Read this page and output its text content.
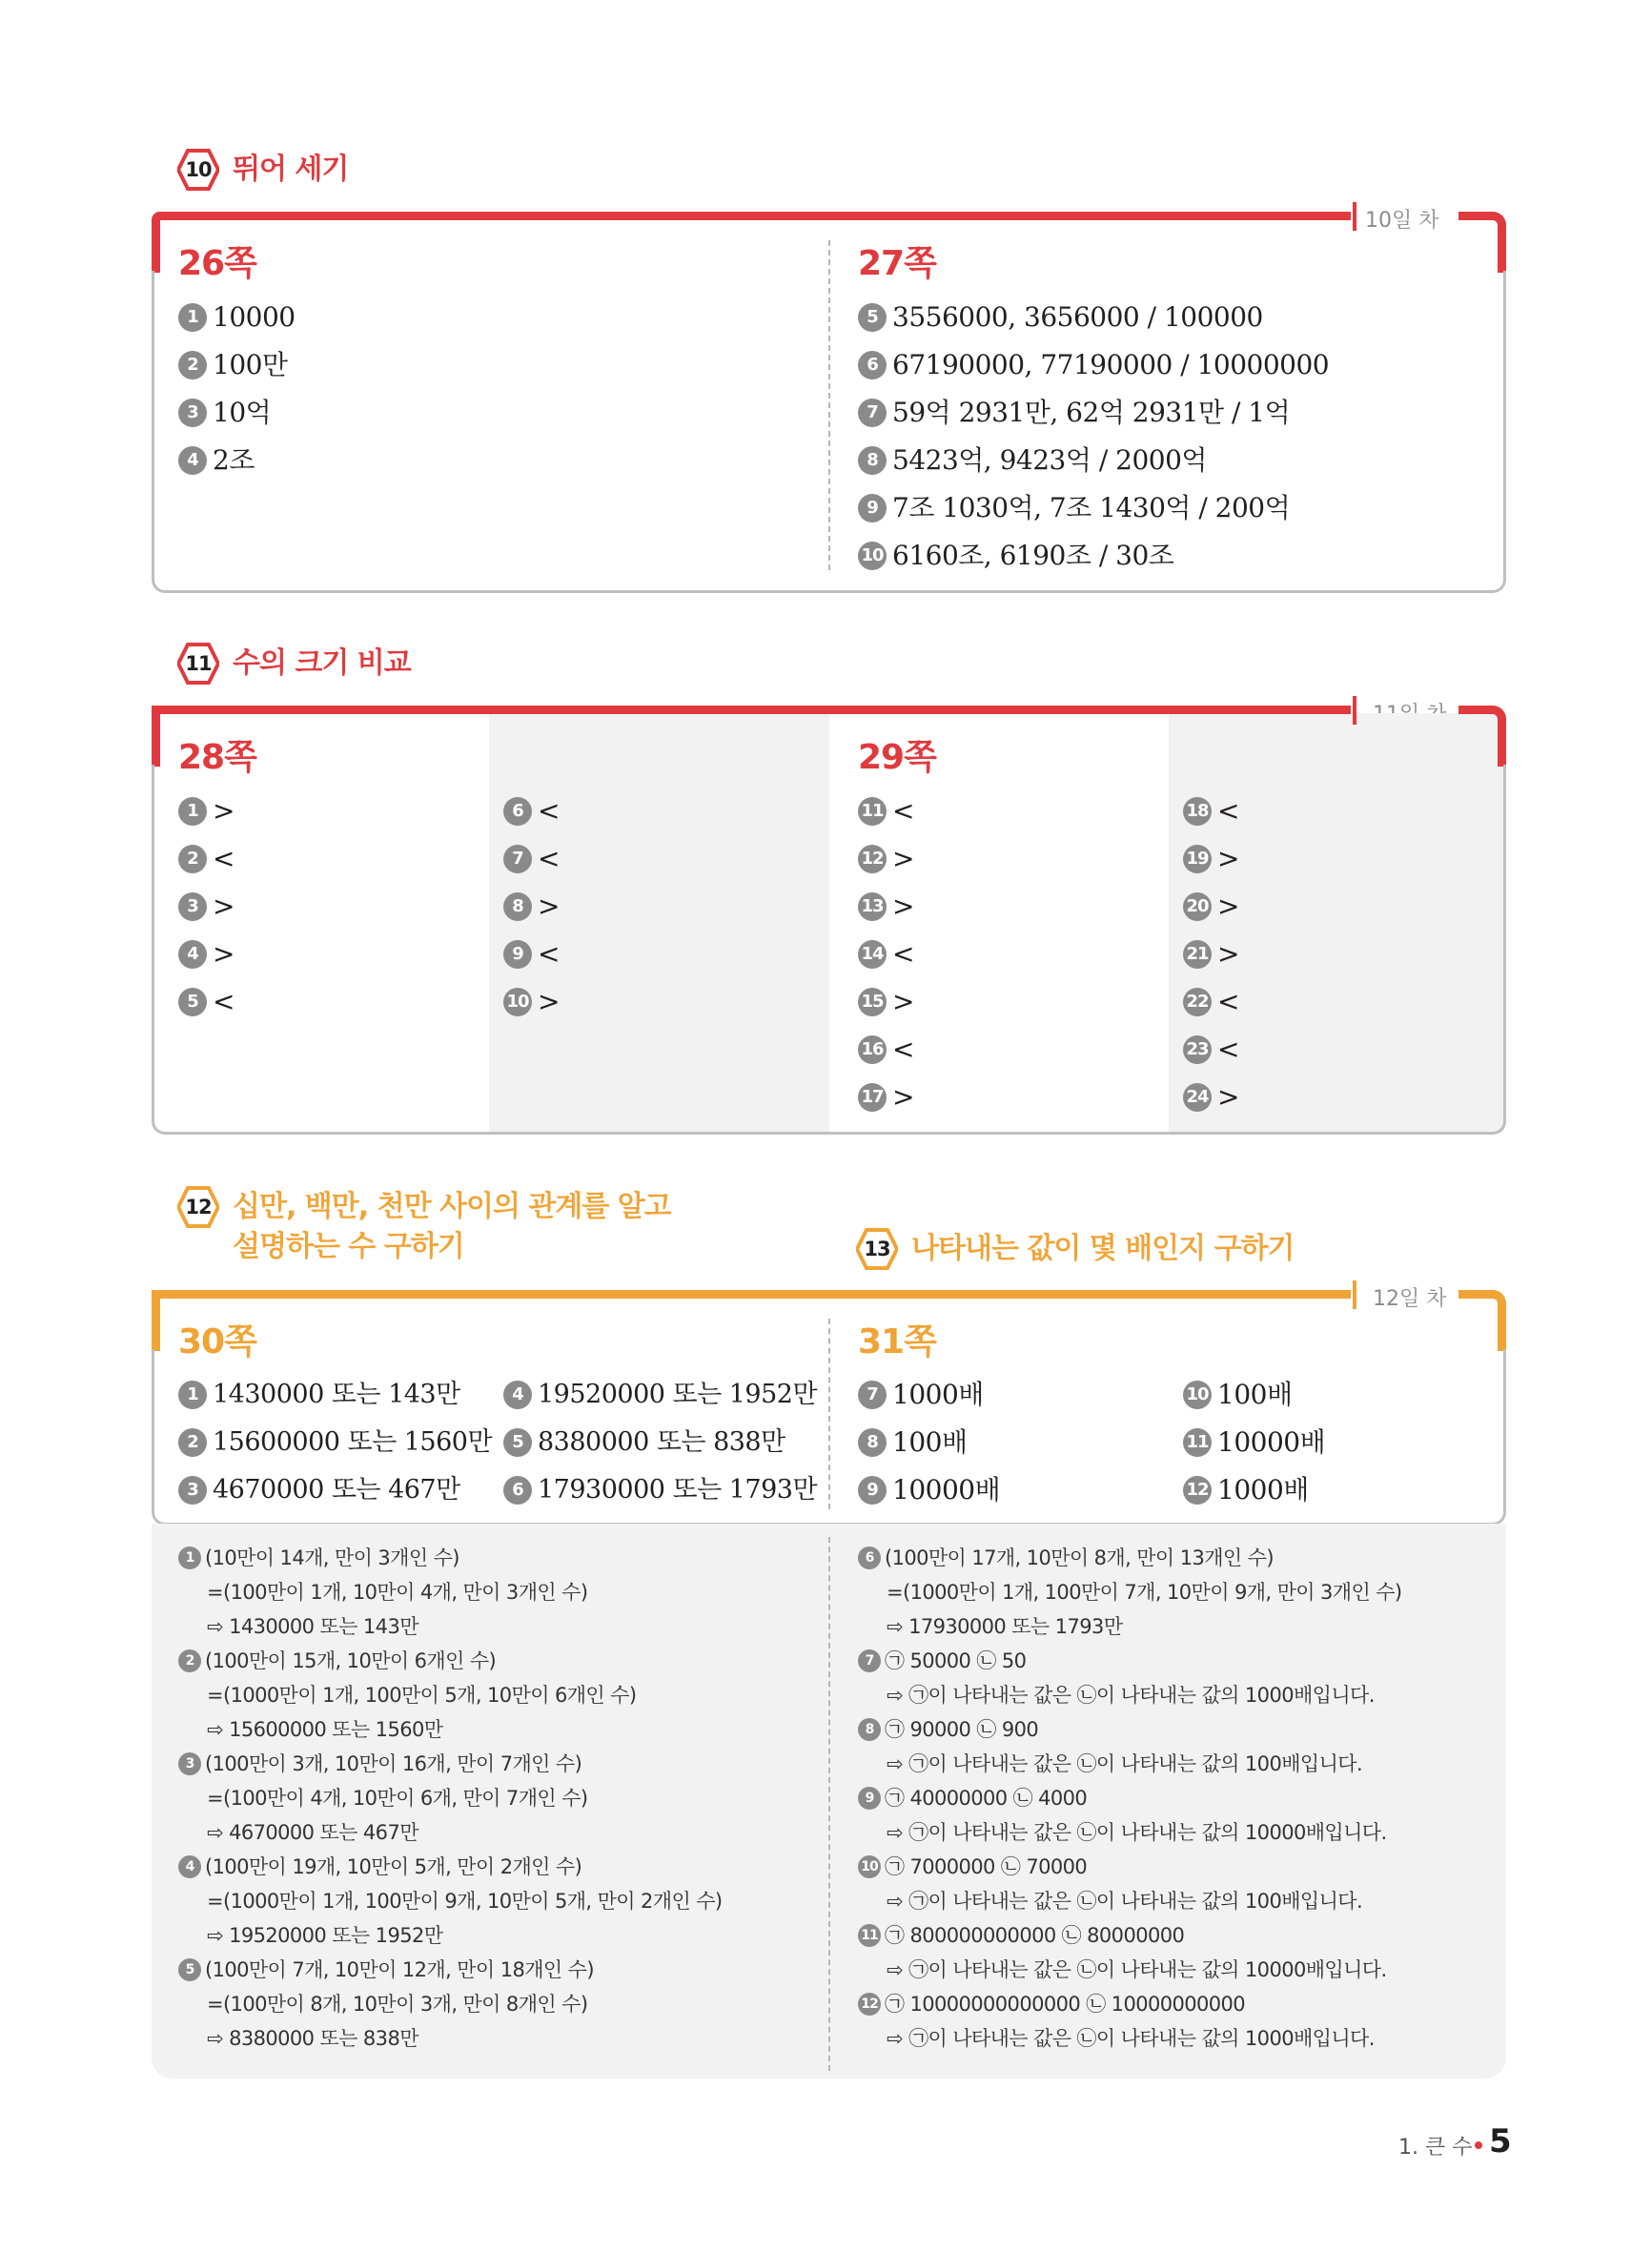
10 뛰어 세기
10일 차
26쪽	27쪽
1 10000
2 100만
3 10억
4 2조
5 3556000, 3656000 / 100000
6 67190000, 77190000 / 10000000
7 59억 2931만, 62억 2931만 / 1억
8 5423억, 9423억 / 2000억
9 7조 1030억, 7조 1430억 / 200억
10 6160조, 6190조 / 30조
11 수의 크기 비교
28쪽	29쪽
1 >
2 <
3 >
4 >
5 <
6 <
7 <
8 >
9 <
10 >
11 <
12 >
13 >
14 <
15 >
16 <
17 >
18 <
19 >
20 >
21 >
22 <
23 <
24 >
12 십만, 백만, 천만 사이의 관계를 알고
설명하는 수 구하기	13 나타내는 값이 몇 배인지 구하기
12일 차
30쪽	31쪽
1 1430000 또는 143만
2 15600000 또는 1560만
3 4670000 또는 467만
4 19520000 또는 1952만
5 8380000 또는 838만
6 17930000 또는 1793만
7 1000배
8 100배
9 10000배
10 100배
11 10000배
12 1000배
1 (10만이 14개, 만이 3개인 수)
=(100만이 1개, 10만이 4개, 만이 3개인 수)
⇨ 1430000 또는 143만
2 (100만이 15개, 10만이 6개인 수)
=(1000만이 1개, 100만이 5개, 10만이 6개인 수)
⇨ 15600000 또는 1560만
3 (100만이 3개, 10만이 16개, 만이 7개인 수)
=(100만이 4개, 10만이 6개, 만이 7개인 수)
⇨ 4670000 또는 467만
4 (100만이 19개, 10만이 5개, 만이 2개인 수)
=(1000만이 1개, 100만이 9개, 10만이 5개, 만이 2개인 수)
⇨ 19520000 또는 1952만
5 (100만이 7개, 10만이 12개, 만이 18개인 수)
=(100만이 8개, 10만이 3개, 만이 8개인 수)
⇨ 8380000 또는 838만
6 (100만이 17개, 10만이 8개, 만이 13개인 수)
=(1000만이 1개, 100만이 7개, 10만이 9개, 만이 3개인 수)
⇨ 17930000 또는 1793만
7 ㉠ 50000 ㉡ 50
⇨ ㉠이 나타내는 값은 ㉡이 나타내는 값의 1000배입니다.
8 ㉠ 90000 ㉡ 900
⇨ ㉠이 나타내는 값은 ㉡이 나타내는 값의 100배입니다.
9 ㉠ 40000000 ㉡ 4000
⇨ ㉠이 나타내는 값은 ㉡이 나타내는 값의 10000배입니다.
10 ㉠ 7000000 ㉡ 70000
⇨ ㉠이 나타내는 값은 ㉡이 나타내는 값의 100배입니다.
11 ㉠ 800000000000 ㉡ 80000000
⇨ ㉠이 나타내는 값은 ㉡이 나타내는 값의 10000배입니다.
12 ㉠ 10000000000000 ㉡ 10000000000
⇨ ㉠이 나타내는 값은 ㉡이 나타내는 값의 1000배입니다.
1. 큰 수 5
